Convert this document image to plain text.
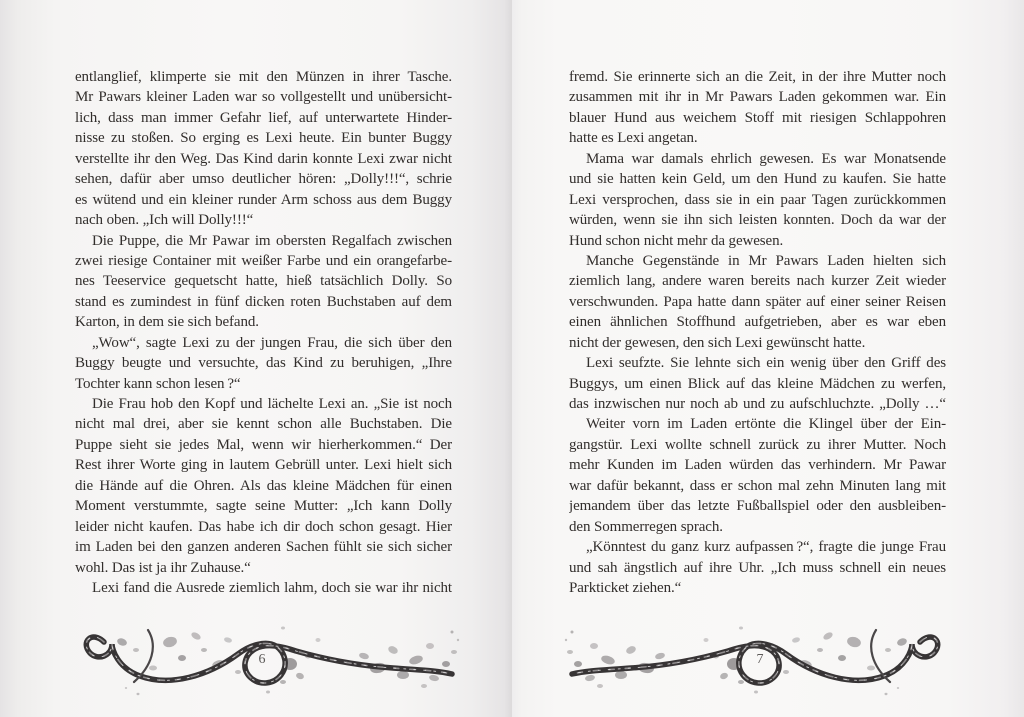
entlanglief, klimperte sie mit den Münzen in ihrer Tasche.
Mr Pawars kleiner Laden war so vollgestellt und unübersicht-
lich, dass man immer Gefahr lief, auf unterwartete Hinder-
nisse zu stoßen. So erging es Lexi heute. Ein bunter Buggy
verstellte ihr den Weg. Das Kind darin konnte Lexi zwar nicht
sehen, dafür aber umso deutlicher hören: „Dolly!!!“, schrie
es wütend und ein kleiner runder Arm schoss aus dem Buggy
nach oben. „Ich will Dolly!!!“
Die Puppe, die Mr Pawar im obersten Regalfach zwischen
zwei riesige Container mit weißer Farbe und ein orangefarbe-
nes Teeservice gequetscht hatte, hieß tatsächlich Dolly. So
stand es zumindest in fünf dicken roten Buchstaben auf dem
Karton, in dem sie sich befand.
„Wow“, sagte Lexi zu der jungen Frau, die sich über den
Buggy beugte und versuchte, das Kind zu beruhigen, „Ihre
Tochter kann schon lesen ?“
Die Frau hob den Kopf und lächelte Lexi an. „Sie ist noch
nicht mal drei, aber sie kennt schon alle Buchstaben. Die
Puppe sieht sie jedes Mal, wenn wir hierherkommen.“ Der
Rest ihrer Worte ging in lautem Gebrüll unter. Lexi hielt sich
die Hände auf die Ohren. Als das kleine Mädchen für einen
Moment verstummte, sagte seine Mutter: „Ich kann Dolly
leider nicht kaufen. Das habe ich dir doch schon gesagt. Hier
im Laden bei den ganzen anderen Sachen fühlt sie sich sicher
wohl. Das ist ja ihr Zuhause.“
Lexi fand die Ausrede ziemlich lahm, doch sie war ihr nicht
6
fremd. Sie erinnerte sich an die Zeit, in der ihre Mutter noch
zusammen mit ihr in Mr Pawars Laden gekommen war. Ein
blauer Hund aus weichem Stoff mit riesigen Schlappohren
hatte es Lexi angetan.
Mama war damals ehrlich gewesen. Es war Monatsende
und sie hatten kein Geld, um den Hund zu kaufen. Sie hatte
Lexi versprochen, dass sie in ein paar Tagen zurückkommen
würden, wenn sie ihn sich leisten konnten. Doch da war der
Hund schon nicht mehr da gewesen.
Manche Gegenstände in Mr Pawars Laden hielten sich
ziemlich lang, andere waren bereits nach kurzer Zeit wieder
verschwunden. Papa hatte dann später auf einer seiner Reisen
einen ähnlichen Stoffhund aufgetrieben, aber es war eben
nicht der gewesen, den sich Lexi gewünscht hatte.
Lexi seufzte. Sie lehnte sich ein wenig über den Griff des
Buggys, um einen Blick auf das kleine Mädchen zu werfen,
das inzwischen nur noch ab und zu aufschluchzte. „Dolly …“
Weiter vorn im Laden ertönte die Klingel über der Ein-
gangstür. Lexi wollte schnell zurück zu ihrer Mutter. Noch
mehr Kunden im Laden würden das verhindern. Mr Pawar
war dafür bekannt, dass er schon mal zehn Minuten lang mit
jemandem über das letzte Fußballspiel oder den ausbleiben-
den Sommerregen sprach.
„Könntest du ganz kurz aufpassen ?“, fragte die junge Frau
und sah ängstlich auf ihre Uhr. „Ich muss schnell ein neues
Parkticket ziehen.“
7
